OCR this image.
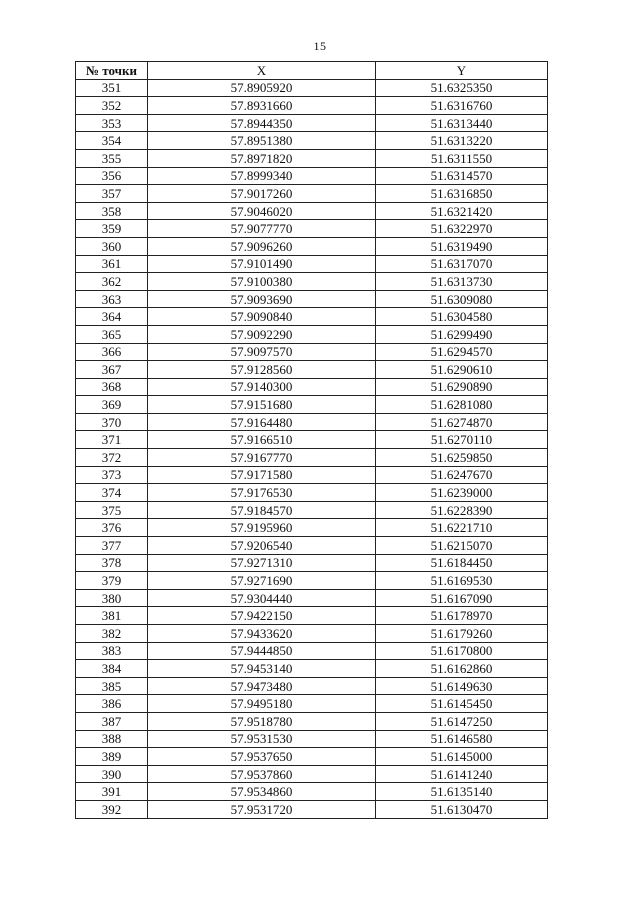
15
№ точки	X	Y
351	57.8905920	51.6325350
352	57.8931660	51.6316760
353	57.8944350	51.6313440
354	57.8951380	51.6313220
355	57.8971820	51.6311550
356	57.8999340	51.6314570
357	57.9017260	51.6316850
358	57.9046020	51.6321420
359	57.9077770	51.6322970
360	57.9096260	51.6319490
361	57.9101490	51.6317070
362	57.9100380	51.6313730
363	57.9093690	51.6309080
364	57.9090840	51.6304580
365	57.9092290	51.6299490
366	57.9097570	51.6294570
367	57.9128560	51.6290610
368	57.9140300	51.6290890
369	57.9151680	51.6281080
370	57.9164480	51.6274870
371	57.9166510	51.6270110
372	57.9167770	51.6259850
373	57.9171580	51.6247670
374	57.9176530	51.6239000
375	57.9184570	51.6228390
376	57.9195960	51.6221710
377	57.9206540	51.6215070
378	57.9271310	51.6184450
379	57.9271690	51.6169530
380	57.9304440	51.6167090
381	57.9422150	51.6178970
382	57.9433620	51.6179260
383	57.9444850	51.6170800
384	57.9453140	51.6162860
385	57.9473480	51.6149630
386	57.9495180	51.6145450
387	57.9518780	51.6147250
388	57.9531530	51.6146580
389	57.9537650	51.6145000
390	57.9537860	51.6141240
391	57.9534860	51.6135140
392	57.9531720	51.6130470
